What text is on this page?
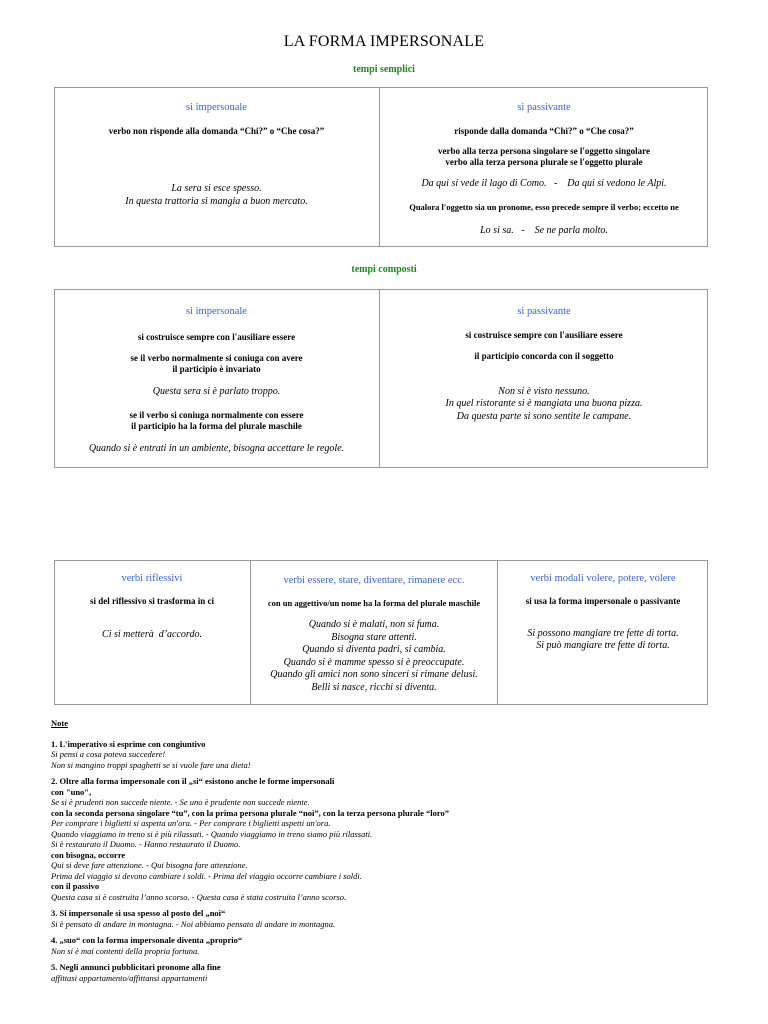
LA FORMA IMPERSONALE
tempi semplici
si impersonale
verbo non risponde alla domanda “Chi?” o “Che cosa?”
La sera si esce spesso.
In questa trattoria si mangia a buon mercato.
si passivante
risponde dalla domanda “Chi?” o “Che cosa?”
verbo alla terza persona singolare se l'oggetto singolare
verbo alla terza persona plurale se l'oggetto plurale
Da qui si vede il lago di Como.   -    Da qui si vedono le Alpi.
Qualora l'oggetto sia un pronome, esso precede sempre il verbo; eccetto ne
Lo si sa.   -    Se ne parla molto.
tempi composti
si impersonale
si costruisce sempre con l'ausiliare essere
se il verbo normalmente si coniuga con avere
il participio è invariato
Questa sera si è parlato troppo.
se il verbo si coniuga normalmente con essere
il participio ha la forma del plurale maschile
Quando si è entrati in un ambiente, bisogna accettare le regole.
si passivante
si costruisce sempre con l'ausiliare essere
il participio concorda con il soggetto
Non si è visto nessuno.
In quel ristorante si è mangiata una buona pizza.
Da questa parte si sono sentite le campane.
verbi riflessivi
si del riflessivo si trasforma in ci
Ci si metterà  d’accordo.
verbi essere, stare, diventare, rimanere ecc.
con un aggettivo/un nome ha la forma del plurale maschile
Quando si è malati, non si fuma.
Bisogna stare attenti.
Quando si diventa padri, si cambia.
Quando si è mamme spesso si è preoccupate.
Quando gli amici non sono sinceri si rimane delusi.
Belli si nasce, ricchi si diventa.
verbi modali volere, potere, volere
si usa la forma impersonale o passivante
Si possono mangiare tre fette di torta.
Si può mangiare tre fette di torta.
Note
1. L'imperativo si esprime con congiuntivo
Si pensi a cosa poteva succedere!
Non si mangino troppi spaghetti se si vuole fare una dieta!
2. Oltre alla forma impersonale con il „si“ esistono anche le forme impersonali
con "uno",
Se si è prudenti non succede niente. - Se uno è prudente non succede niente.
con la seconda persona singolare “tu”, con la prima persona plurale “noi”, con la terza persona plurale “loro”
Per comprare i biglietti si aspetta un'ora. - Per comprare i biglietti aspetti un'ora.
Quando viaggiamo in treno si è più rilassati. - Quando viaggiamo in treno siamo più rilassati.
Si è restaurato il Duomo. - Hanno restaurato il Duomo.
con bisogna, occorre
Qui si deve fare attenzione. - Qui bisogna fare attenzione.
Prima del viaggio si devono cambiare i soldi. - Prima del viaggio occorre cambiare i soldi.
con il passivo
Questa casa si è costruita l’anno scorso. - Questa casa è stata costruita l’anno scorso.
3. Si impersonale si usa spesso al posto del „noi“
Si è pensato di andare in montagna. - Noi abbiamo pensato di andare in montagna.
4. „suo“ con la forma impersonale diventa „proprio“
Non si è mai contenti della propria fortuna.
5. Negli annunci pubblicitari pronome alla fine
affittasi appartamento/affittansi appartamenti
